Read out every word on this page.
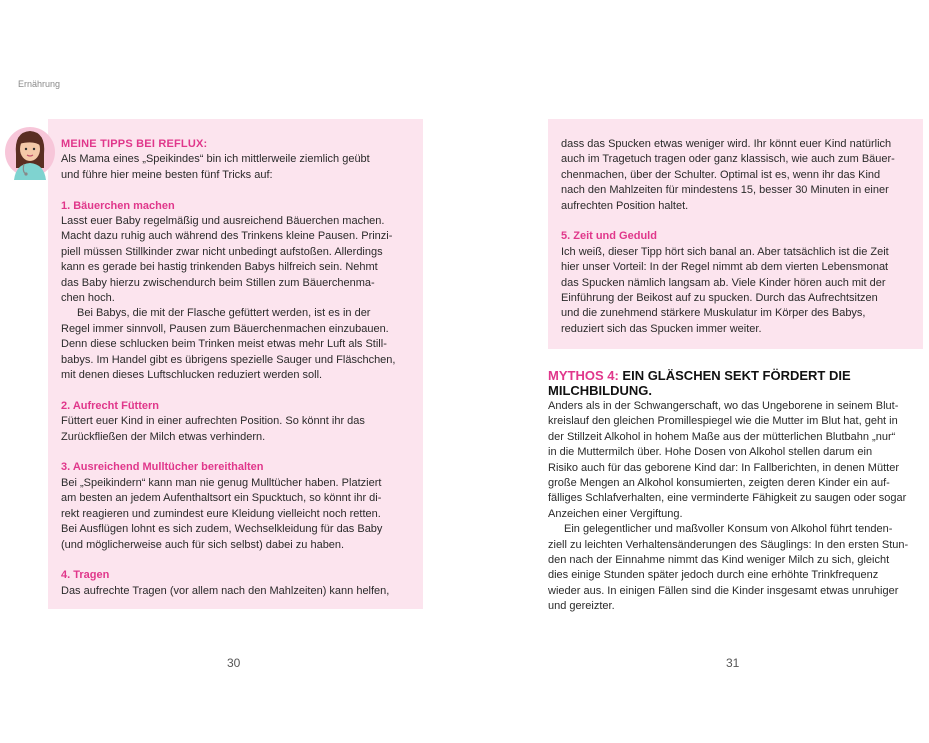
Ernährung

MEINE TIPPS BEI REFLUX:

Als Mama eines „Speikindes“ bin ich mittlerweile ziemlich geübt
und führe hier meine besten fünf Tricks auf:

1. Bäuerchen machen

Lasst euer Baby regelmäßig und ausreichend Bäuerchen machen.
Macht dazu ruhig auch während des Trinkens kleine Pausen. Prinzi-
piell müssen Stillkinder zwar nicht unbedingt aufstoßen. Allerdings
kann es gerade bei hastig trinkenden Babys hilfreich sein. Nehmt
das Baby hierzu zwischendurch beim Stillen zum Bäuerchenma-
chen hoch.

Bei Babys, die mit der Flasche gefüttert werden, ist es in der
Regel immer sinnvoll, Pausen zum Bäuerchenmachen einzubauen.
Denn diese schlucken beim Trinken meist etwas mehr Luft als Still-
babys. Im Handel gibt es übrigens spezielle Sauger und Fläschchen,
mit denen dieses Luftschlucken reduziert werden soll.

2. Aufrecht Füttern

Füttert euer Kind in einer aufrechten Position. So könnt ihr das
Zurückfließen der Milch etwas verhindern.

3. Ausreichend Mulltücher bereithalten

Bei „Speikindern“ kann man nie genug Mulltücher haben. Platziert
am besten an jedem Aufenthaltsort ein Spucktuch, so könnt ihr di-
rekt reagieren und zumindest eure Kleidung vielleicht noch retten.
Bei Ausflügen lohnt es sich zudem, Wechselkleidung für das Baby
(und möglicherweise auch für sich selbst) dabei zu haben.

4. Tragen

Das aufrechte Tragen (vor allem nach den Mahlzeiten) kann helfen,

dass das Spucken etwas weniger wird. Ihr könnt euer Kind natürlich
auch im Tragetuch tragen oder ganz klassisch, wie auch zum Bäuer-
chenmachen, über der Schulter. Optimal ist es, wenn ihr das Kind
nach den Mahlzeiten für mindestens 15, besser 30 Minuten in einer
aufrechten Position haltet.

5. Zeit und Geduld

Ich weiß, dieser Tipp hört sich banal an. Aber tatsächlich ist die Zeit
hier unser Vorteil: In der Regel nimmt ab dem vierten Lebensmonat
das Spucken nämlich langsam ab. Viele Kinder hören auch mit der
Einführung der Beikost auf zu spucken. Durch das Aufrechtsitzen
und die zunehmend stärkere Muskulatur im Körper des Babys,
reduziert sich das Spucken immer weiter.

MYTHOS 4: EIN GLÄSCHEN SEKT FÖRDERT DIE
MILCHBILDUNG.

Anders als in der Schwangerschaft, wo das Ungeborene in seinem Blut-
kreislauf den gleichen Promillespiegel wie die Mutter im Blut hat, geht in
der Stillzeit Alkohol in hohem Maße aus der mütterlichen Blutbahn „nur“
in die Muttermilch über. Hohe Dosen von Alkohol stellen darum ein
Risiko auch für das geborene Kind dar: In Fallberichten, in denen Mütter
große Mengen an Alkohol konsumierten, zeigten deren Kinder ein auf-
fälliges Schlafverhalten, eine verminderte Fähigkeit zu saugen oder sogar
Anzeichen einer Vergiftung.

Ein gelegentlicher und maßvoller Konsum von Alkohol führt tenden-
ziell zu leichten Verhaltensänderungen des Säuglings: In den ersten Stun-
den nach der Einnahme nimmt das Kind weniger Milch zu sich, gleicht
dies einige Stunden später jedoch durch eine erhöhte Trinkfrequenz
wieder aus. In einigen Fällen sind die Kinder insgesamt etwas unruhiger
und gereizter.

30	31
